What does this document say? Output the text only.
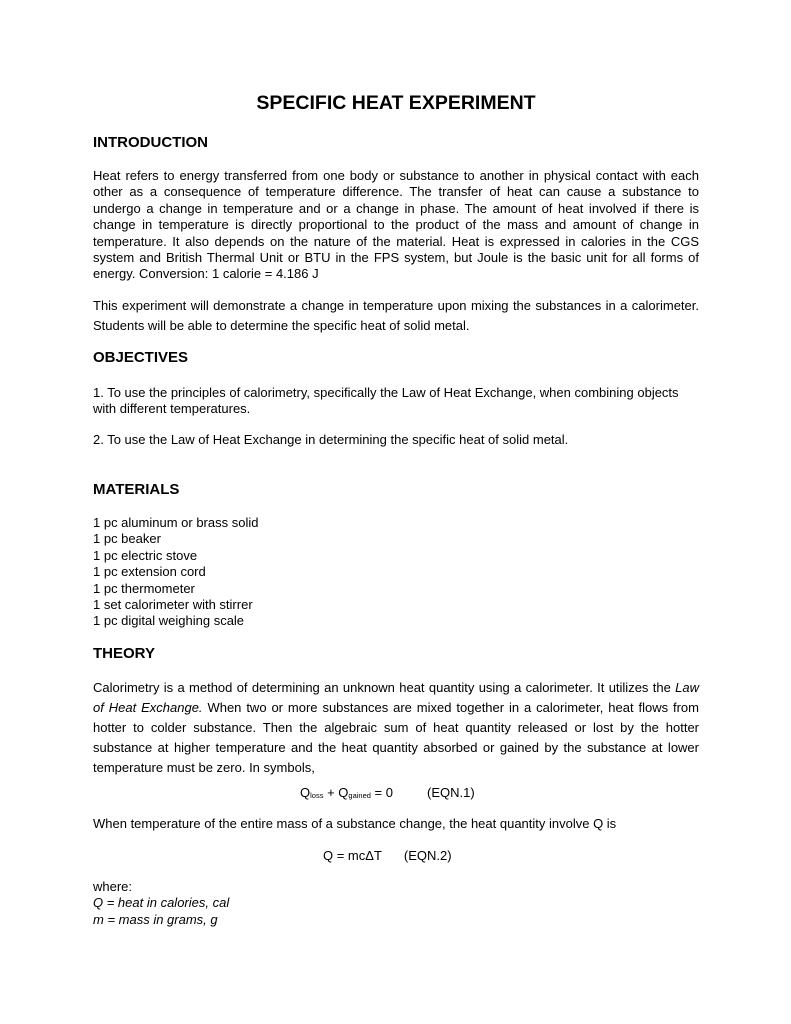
SPECIFIC HEAT EXPERIMENT
INTRODUCTION

Heat refers to energy transferred from one body or substance to another in physical contact with each other as a consequence of temperature difference. The transfer of heat can cause a substance to undergo a change in temperature and or a change in phase. The amount of heat involved if there is change in temperature is directly proportional to the product of the mass and amount of change in temperature. It also depends on the nature of the material. Heat is expressed in calories in the CGS system and British Thermal Unit or BTU in the FPS system, but Joule is the basic unit for all forms of energy. Conversion: 1 calorie = 4.186 J

This experiment will demonstrate a change in temperature upon mixing the substances in a calorimeter. Students will be able to determine the specific heat of solid metal.

OBJECTIVES

1. To use the principles of calorimetry, specifically the Law of Heat Exchange, when combining objects with different temperatures.

2. To use the Law of Heat Exchange in determining the specific heat of solid metal.

MATERIALS
1 pc aluminum or brass solid
1 pc beaker
1 pc electric stove
1 pc extension cord
1 pc thermometer
1 set calorimeter with stirrer
1 pc digital weighing scale
THEORY

Calorimetry is a method of determining an unknown heat quantity using a calorimeter. It utilizes the Law of Heat Exchange. When two or more substances are mixed together in a calorimeter, heat flows from hotter to colder substance. Then the algebraic sum of heat quantity released or lost by the hotter substance at higher temperature and the heat quantity absorbed or gained by the substance at lower temperature must be zero. In symbols,

$Q_{loss} + Q_{gained} = 0$	(EQN.1)

When temperature of the entire mass of a substance change, the heat quantity involve Q is

Q = mcΔT (EQN.2)
where:
Q = heat in calories, cal
m = mass in grams, g
